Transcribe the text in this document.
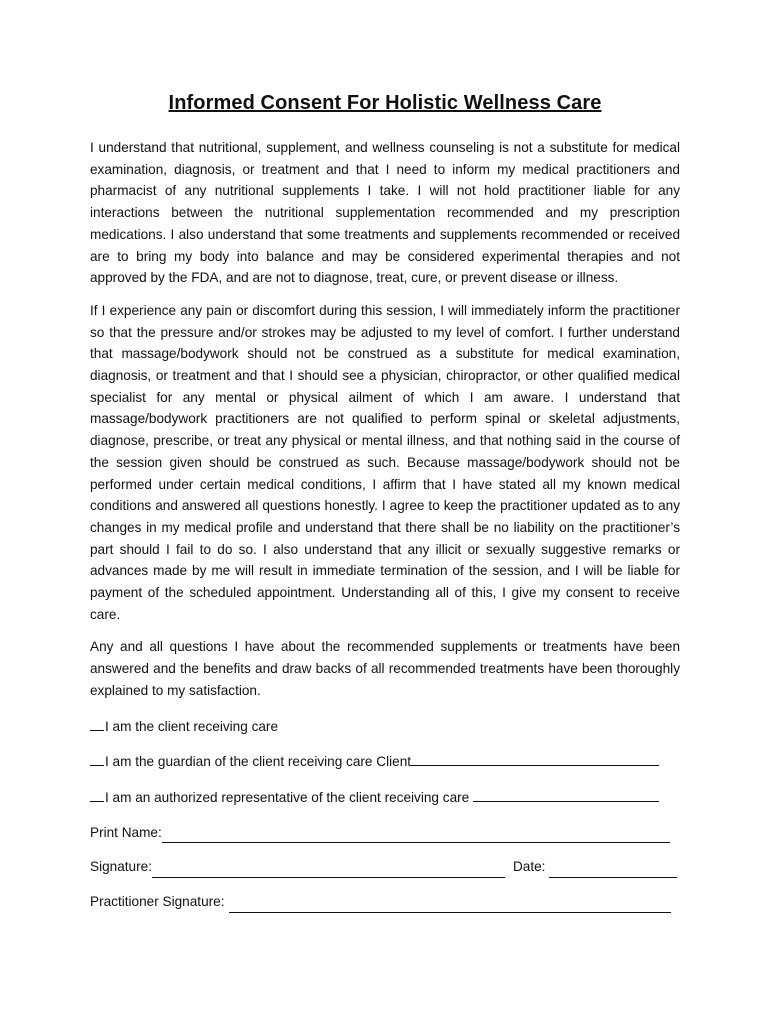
Informed Consent For Holistic Wellness Care

I understand that nutritional, supplement, and wellness counseling is not a substitute for medical examination, diagnosis, or treatment and that I need to inform my medical practitioners and pharmacist of any nutritional supplements I take. I will not hold practitioner liable for any interactions between the nutritional supplementation recommended and my prescription medications. I also understand that some treatments and supplements recommended or received are to bring my body into balance and may be considered experimental therapies and not approved by the FDA, and are not to diagnose, treat, cure, or prevent disease or illness.

If I experience any pain or discomfort during this session, I will immediately inform the practitioner so that the pressure and/or strokes may be adjusted to my level of comfort. I further understand that massage/bodywork should not be construed as a substitute for medical examination, diagnosis, or treatment and that I should see a physician, chiropractor, or other qualified medical specialist for any mental or physical ailment of which I am aware. I understand that massage/bodywork practitioners are not qualified to perform spinal or skeletal adjustments, diagnose, prescribe, or treat any physical or mental illness, and that nothing said in the course of the session given should be construed as such. Because massage/bodywork should not be performed under certain medical conditions, I affirm that I have stated all my known medical conditions and answered all questions honestly. I agree to keep the practitioner updated as to any changes in my medical profile and understand that there shall be no liability on the practitioner’s part should I fail to do so. I also understand that any illicit or sexually suggestive remarks or advances made by me will result in immediate termination of the session, and I will be liable for payment of the scheduled appointment. Understanding all of this, I give my consent to receive care.

Any and all questions I have about the recommended supplements or treatments have been answered and the benefits and draw backs of all recommended treatments have been thoroughly explained to my satisfaction.

I am the client receiving care
I am the guardian of the client receiving care Client
I am an authorized representative of the client receiving care
Print Name:
Signature:	Date:
Practitioner Signature:
